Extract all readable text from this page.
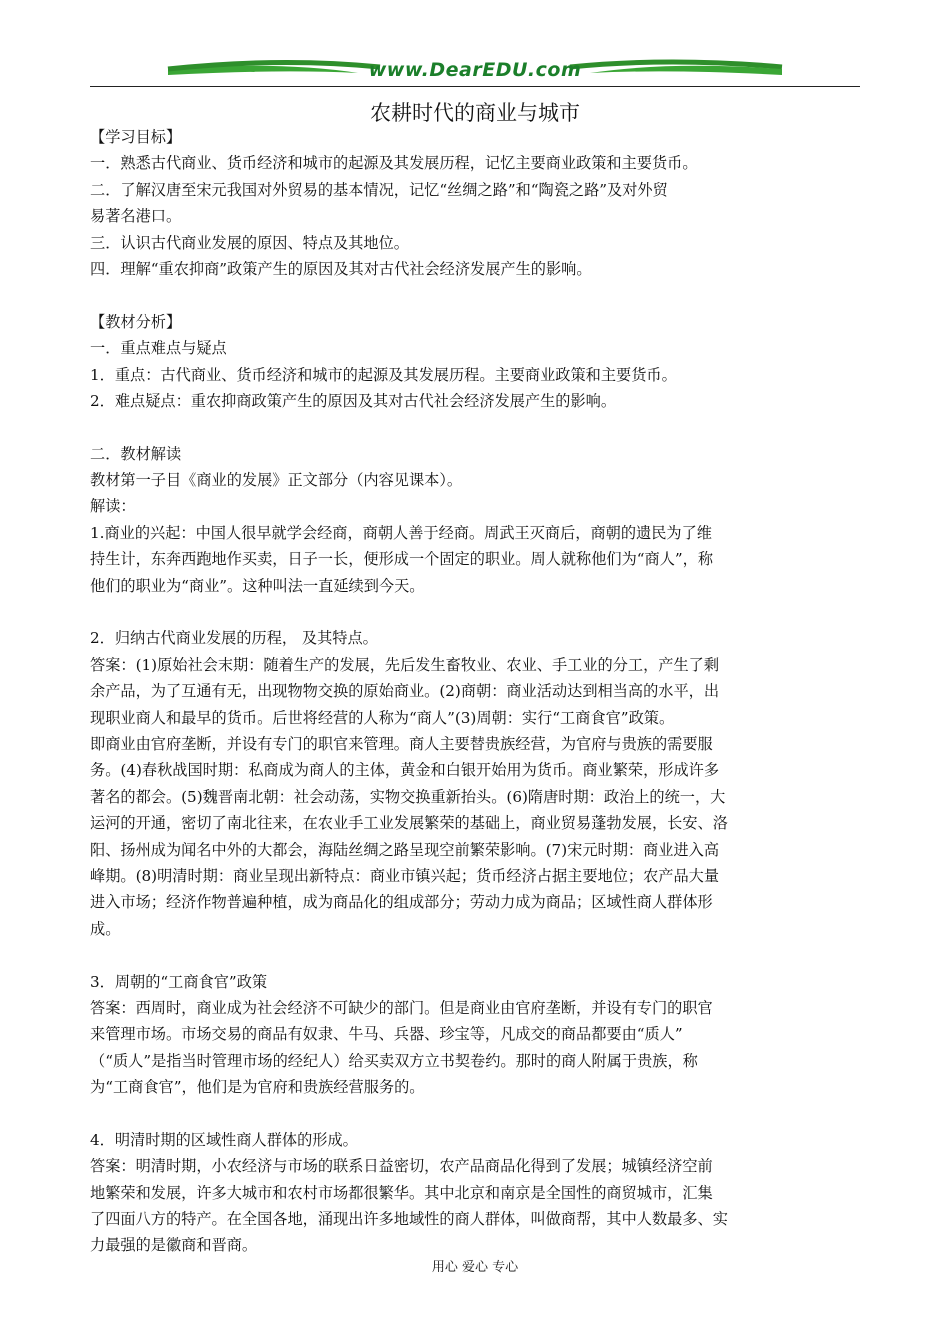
www.DearEDU.com
农耕时代的商业与城市
【学习目标】
一．熟悉古代商业、货币经济和城市的起源及其发展历程，记忆主要商业政策和主要货币。
二．了解汉唐至宋元我国对外贸易的基本情况，记忆“丝绸之路”和“陶瓷之路”及对外贸
易著名港口。
三．认识古代商业发展的原因、特点及其地位。
四．理解“重农抑商”政策产生的原因及其对古代社会经济发展产生的影响。
【教材分析】
一．重点难点与疑点
1．重点：古代商业、货币经济和城市的起源及其发展历程。主要商业政策和主要货币。
2．难点疑点：重农抑商政策产生的原因及其对古代社会经济发展产生的影响。
二．教材解读
教材第一子目《商业的发展》正文部分（内容见课本）。
解读：
1.商业的兴起：中国人很早就学会经商，商朝人善于经商。周武王灭商后，商朝的遗民为了维
持生计，东奔西跑地作买卖，日子一长，便形成一个固定的职业。周人就称他们为“商人”，称
他们的职业为“商业”。这种叫法一直延续到今天。
2．归纳古代商业发展的历程， 及其特点。
答案：(1)原始社会末期：随着生产的发展，先后发生畜牧业、农业、手工业的分工，产生了剩
余产品，为了互通有无，出现物物交换的原始商业。(2)商朝：商业活动达到相当高的水平，出
现职业商人和最早的货币。后世将经营的人称为“商人”(3)周朝：实行“工商食官”政策。
即商业由官府垄断，并设有专门的职官来管理。商人主要替贵族经营，为官府与贵族的需要服
务。(4)春秋战国时期：私商成为商人的主体，黄金和白银开始用为货币。商业繁荣，形成许多
著名的都会。(5)魏晋南北朝：社会动荡，实物交换重新抬头。(6)隋唐时期：政治上的统一，大
运河的开通，密切了南北往来，在农业手工业发展繁荣的基础上，商业贸易蓬勃发展，长安、洛
阳、扬州成为闻名中外的大都会，海陆丝绸之路呈现空前繁荣影响。(7)宋元时期：商业进入高
峰期。(8)明清时期：商业呈现出新特点：商业市镇兴起；货币经济占据主要地位；农产品大量
进入市场；经济作物普遍种植，成为商品化的组成部分；劳动力成为商品；区域性商人群体形
成。
3．周朝的“工商食官”政策
答案：西周时，商业成为社会经济不可缺少的部门。但是商业由官府垄断，并设有专门的职官
来管理市场。市场交易的商品有奴隶、牛马、兵器、珍宝等，凡成交的商品都要由“质人”
（“质人”是指当时管理市场的经纪人）给买卖双方立书契卷约。那时的商人附属于贵族，称
为“工商食官”，他们是为官府和贵族经营服务的。
4．明清时期的区域性商人群体的形成。
答案：明清时期，小农经济与市场的联系日益密切，农产品商品化得到了发展；城镇经济空前
地繁荣和发展，许多大城市和农村市场都很繁华。其中北京和南京是全国性的商贸城市，汇集
了四面八方的特产。在全国各地，涌现出许多地域性的商人群体，叫做商帮，其中人数最多、实
力最强的是徽商和晋商。
用心 爱心 专心
